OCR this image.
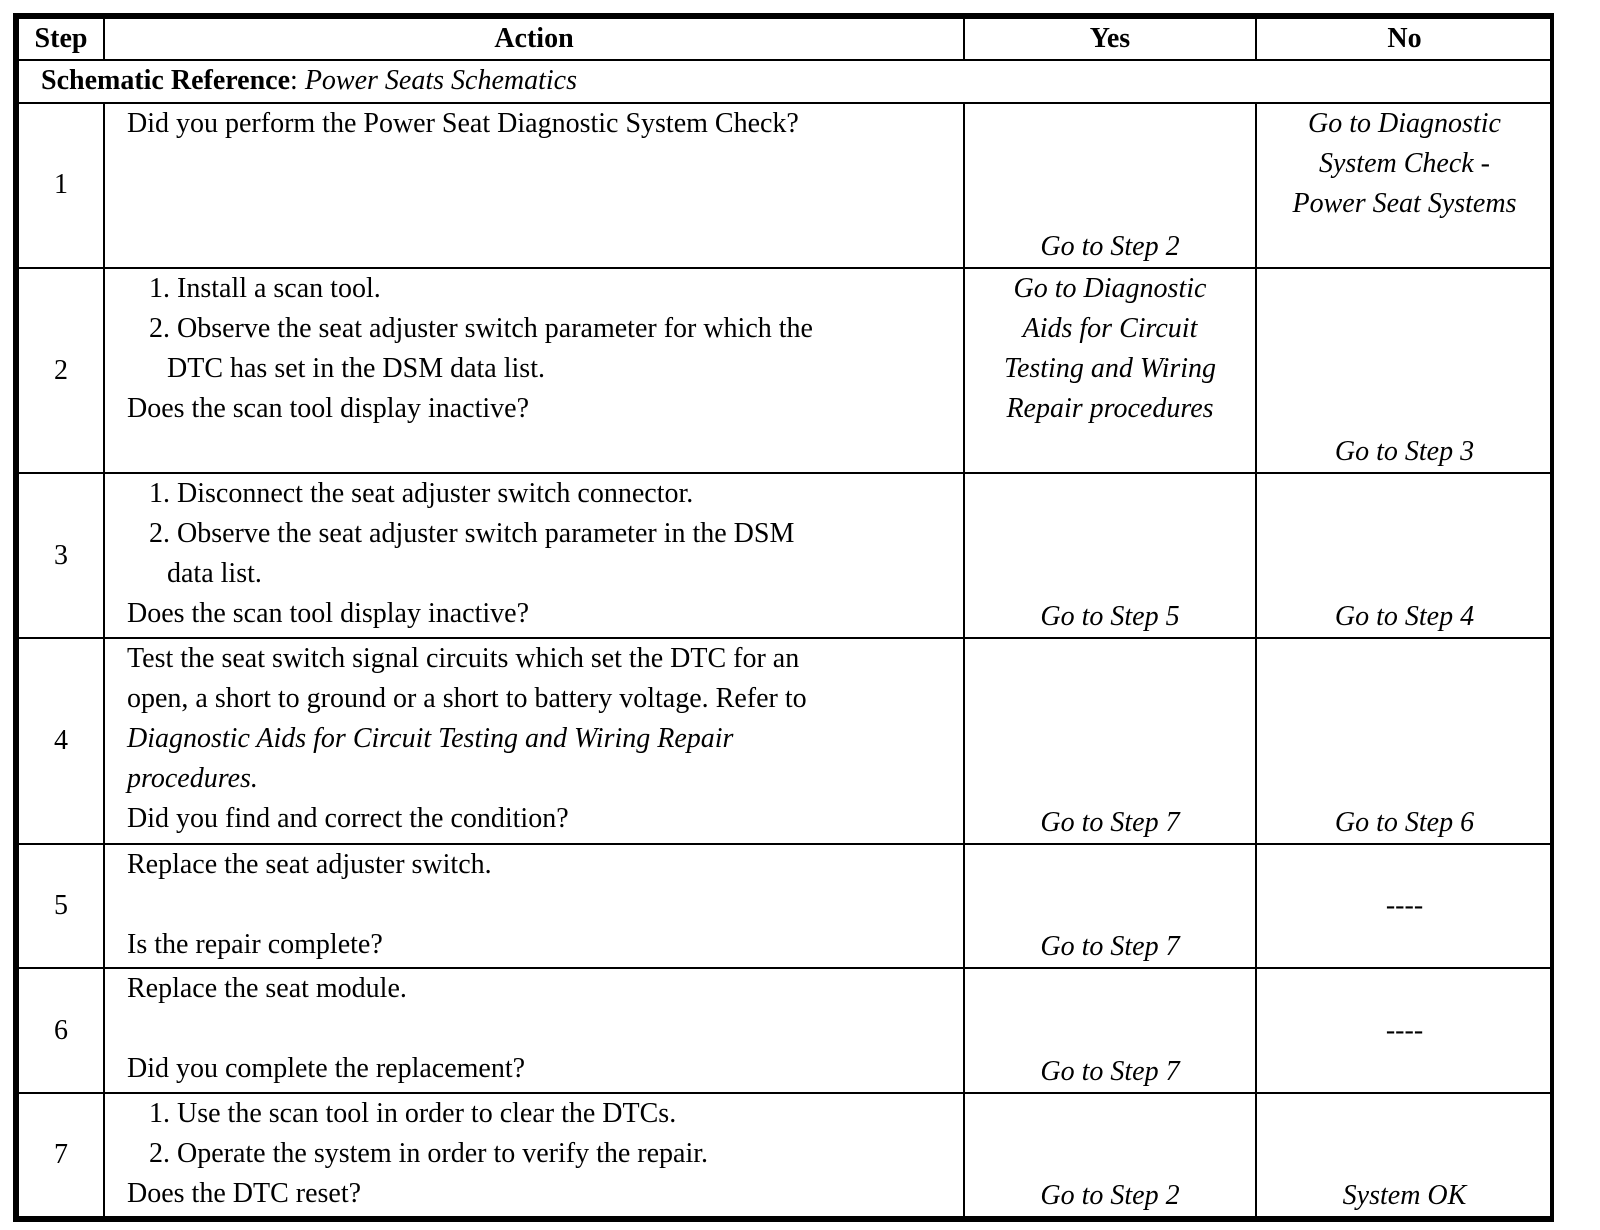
Step	Action	Yes	No
Schematic Reference: Power Seats Schematics			
1	Did you perform the Power Seat Diagnostic System Check?	Go to Step 2	Go to Diagnostic
System Check -
Power Seat Systems

2	1. Install a scan tool.
2. Observe the seat adjuster switch parameter for which the
DTC has set in the DSM data list.
Does the scan tool display inactive?	Go to Diagnostic
Aids for Circuit
Testing and Wiring
Repair procedures	Go to Step 3

3	1. Disconnect the seat adjuster switch connector.
2. Observe the seat adjuster switch parameter in the DSM
data list.
Does the scan tool display inactive?	Go to Step 5	Go to Step 4

4	Test the seat switch signal circuits which set the DTC for an
open, a short to ground or a short to battery voltage. Refer to
Diagnostic Aids for Circuit Testing and Wiring Repair
procedures.
Did you find and correct the condition?	Go to Step 7	Go to Step 6

5	Replace the seat adjuster switch.

Is the repair complete?	Go to Step 7	----

6	Replace the seat module.

Did you complete the replacement?	Go to Step 7	----

7	1. Use the scan tool in order to clear the DTCs.
2. Operate the system in order to verify the repair.
Does the DTC reset?	Go to Step 2	System OK
